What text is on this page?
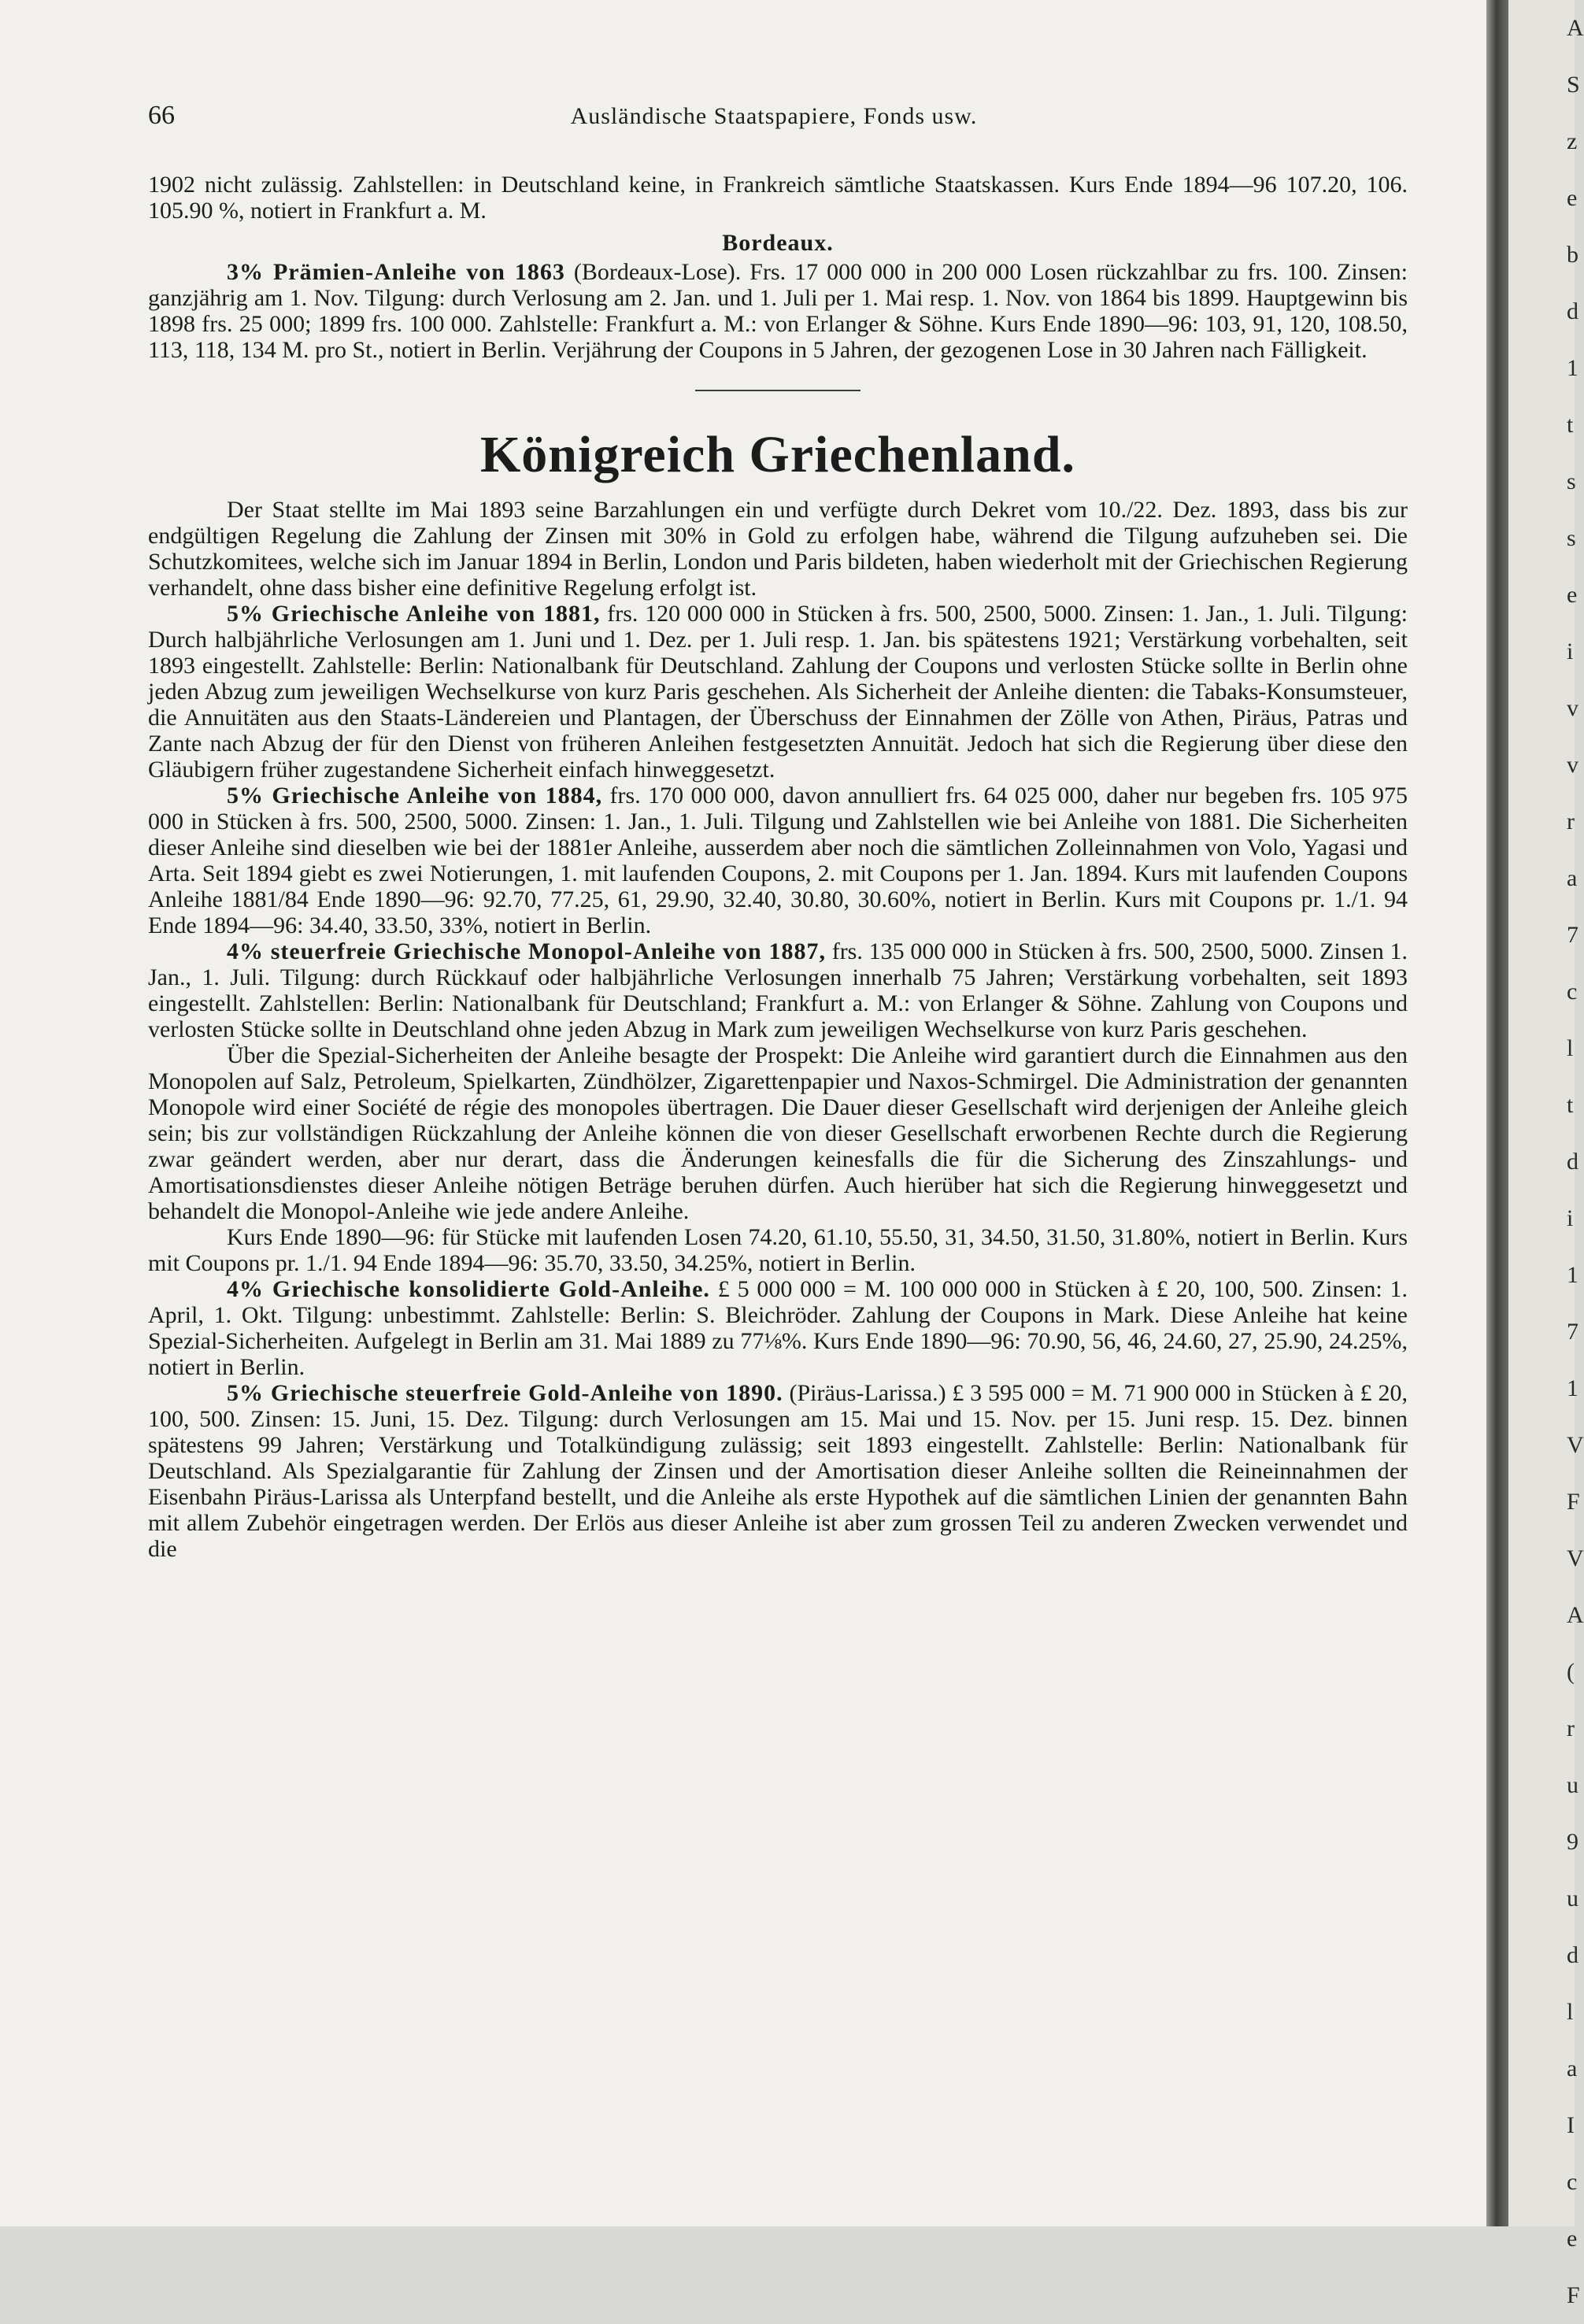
66	Ausländische Staatspapiere, Fonds usw.

1902 nicht zulässig. Zahlstellen: in Deutschland keine, in Frankreich sämtliche Staatskassen. Kurs Ende 1894—96 107.20, 106. 105.90 %, notiert in Frankfurt a. M.

Bordeaux.

3% Prämien-Anleihe von 1863 (Bordeaux-Lose). Frs. 17 000 000 in 200 000 Losen rückzahlbar zu frs. 100. Zinsen: ganzjährig am 1. Nov. Tilgung: durch Verlosung am 2. Jan. und 1. Juli per 1. Mai resp. 1. Nov. von 1864 bis 1899. Hauptgewinn bis 1898 frs. 25 000; 1899 frs. 100 000. Zahlstelle: Frankfurt a. M.: von Erlanger & Söhne. Kurs Ende 1890—96: 103, 91, 120, 108.50, 113, 118, 134 M. pro St., notiert in Berlin. Verjährung der Coupons in 5 Jahren, der gezogenen Lose in 30 Jahren nach Fälligkeit.

Königreich Griechenland.

Der Staat stellte im Mai 1893 seine Barzahlungen ein und verfügte durch Dekret vom 10./22. Dez. 1893, dass bis zur endgültigen Regelung die Zahlung der Zinsen mit 30% in Gold zu erfolgen habe, während die Tilgung aufzuheben sei. Die Schutzkomitees, welche sich im Januar 1894 in Berlin, London und Paris bildeten, haben wiederholt mit der Griechischen Regierung verhandelt, ohne dass bisher eine definitive Regelung erfolgt ist.

5% Griechische Anleihe von 1881, frs. 120 000 000 in Stücken à frs. 500, 2500, 5000. Zinsen: 1. Jan., 1. Juli. Tilgung: Durch halbjährliche Verlosungen am 1. Juni und 1. Dez. per 1. Juli resp. 1. Jan. bis spätestens 1921; Verstärkung vorbehalten, seit 1893 eingestellt. Zahlstelle: Berlin: Nationalbank für Deutschland. Zahlung der Coupons und verlosten Stücke sollte in Berlin ohne jeden Abzug zum jeweiligen Wechselkurse von kurz Paris geschehen. Als Sicherheit der Anleihe dienten: die Tabaks-Konsumsteuer, die Annuitäten aus den Staats-Ländereien und Plantagen, der Überschuss der Einnahmen der Zölle von Athen, Piräus, Patras und Zante nach Abzug der für den Dienst von früheren Anleihen festgesetzten Annuität. Jedoch hat sich die Regierung über diese den Gläubigern früher zugestandene Sicherheit einfach hinweggesetzt.

5% Griechische Anleihe von 1884, frs. 170 000 000, davon annulliert frs. 64 025 000, daher nur begeben frs. 105 975 000 in Stücken à frs. 500, 2500, 5000. Zinsen: 1. Jan., 1. Juli. Tilgung und Zahlstellen wie bei Anleihe von 1881. Die Sicherheiten dieser Anleihe sind dieselben wie bei der 1881er Anleihe, ausserdem aber noch die sämtlichen Zolleinnahmen von Volo, Yagasi und Arta. Seit 1894 giebt es zwei Notierungen, 1. mit laufenden Coupons, 2. mit Coupons per 1. Jan. 1894. Kurs mit laufenden Coupons Anleihe 1881/84 Ende 1890—96: 92.70, 77.25, 61, 29.90, 32.40, 30.80, 30.60%, notiert in Berlin. Kurs mit Coupons pr. 1./1. 94 Ende 1894—96: 34.40, 33.50, 33%, notiert in Berlin.

4% steuerfreie Griechische Monopol-Anleihe von 1887, frs. 135 000 000 in Stücken à frs. 500, 2500, 5000. Zinsen 1. Jan., 1. Juli. Tilgung: durch Rückkauf oder halbjährliche Verlosungen innerhalb 75 Jahren; Verstärkung vorbehalten, seit 1893 eingestellt. Zahlstellen: Berlin: Nationalbank für Deutschland; Frankfurt a. M.: von Erlanger & Söhne. Zahlung von Coupons und verlosten Stücke sollte in Deutschland ohne jeden Abzug in Mark zum jeweiligen Wechselkurse von kurz Paris geschehen.

Über die Spezial-Sicherheiten der Anleihe besagte der Prospekt: Die Anleihe wird garantiert durch die Einnahmen aus den Monopolen auf Salz, Petroleum, Spielkarten, Zündhölzer, Zigarettenpapier und Naxos-Schmirgel. Die Administration der genannten Monopole wird einer Société de régie des monopoles übertragen. Die Dauer dieser Gesellschaft wird derjenigen der Anleihe gleich sein; bis zur vollständigen Rückzahlung der Anleihe können die von dieser Gesellschaft erworbenen Rechte durch die Regierung zwar geändert werden, aber nur derart, dass die Änderungen keinesfalls die für die Sicherung des Zinszahlungs- und Amortisationsdienstes dieser Anleihe nötigen Beträge beruhen dürfen. Auch hierüber hat sich die Regierung hinweggesetzt und behandelt die Monopol-Anleihe wie jede andere Anleihe.

Kurs Ende 1890—96: für Stücke mit laufenden Losen 74.20, 61.10, 55.50, 31, 34.50, 31.50, 31.80%, notiert in Berlin. Kurs mit Coupons pr. 1./1. 94 Ende 1894—96: 35.70, 33.50, 34.25%, notiert in Berlin.

4% Griechische konsolidierte Gold-Anleihe. £ 5 000 000 = M. 100 000 000 in Stücken à £ 20, 100, 500. Zinsen: 1. April, 1. Okt. Tilgung: unbestimmt. Zahlstelle: Berlin: S. Bleichröder. Zahlung der Coupons in Mark. Diese Anleihe hat keine Spezial-Sicherheiten. Aufgelegt in Berlin am 31. Mai 1889 zu 77⅛%. Kurs Ende 1890—96: 70.90, 56, 46, 24.60, 27, 25.90, 24.25%, notiert in Berlin.

5% Griechische steuerfreie Gold-Anleihe von 1890. (Piräus-Larissa.) £ 3 595 000 = M. 71 900 000 in Stücken à £ 20, 100, 500. Zinsen: 15. Juni, 15. Dez. Tilgung: durch Verlosungen am 15. Mai und 15. Nov. per 15. Juni resp. 15. Dez. binnen spätestens 99 Jahren; Verstärkung und Totalkündigung zulässig; seit 1893 eingestellt. Zahlstelle: Berlin: Nationalbank für Deutschland. Als Spezialgarantie für Zahlung der Zinsen und der Amortisation dieser Anleihe sollten die Reineinnahmen der Eisenbahn Piräus-Larissa als Unterpfand bestellt, und die Anleihe als erste Hypothek auf die sämtlichen Linien der genannten Bahn mit allem Zubehör eingetragen werden. Der Erlös aus dieser Anleihe ist aber zum grossen Teil zu anderen Zwecken verwendet und die

A
S
z
e
b
d
1
t
s
s
e
i
v
v
r
a
7
c
l
t
d
i
1
7
1
V
F
V
A
(
r
u
9
u
d
l
a
I
c
e
F
